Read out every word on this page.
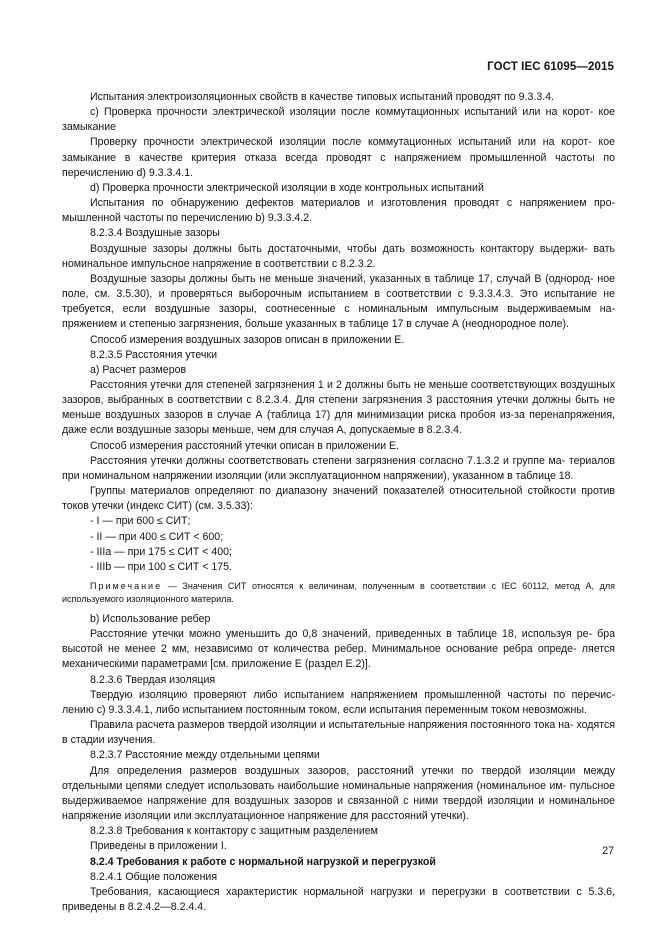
ГОСТ IEC 61095—2015

Испытания электроизоляционных свойств в качестве типовых испытаний проводят по 9.3.3.4.

c) Проверка прочности электрической изоляции после коммутационных испытаний или на корот- кое замыкание

Проверку прочности электрической изоляции после коммутационных испытаний или на корот- кое замыкание в качестве критерия отказа всегда проводят с напряжением промышленной частоты по перечислению d) 9.3.3.4.1.

d) Проверка прочности электрической изоляции в ходе контрольных испытаний

Испытания по обнаружению дефектов материалов и изготовления проводят с напряжением про- мышленной частоты по перечислению b) 9.3.3.4.2.

8.2.3.4 Воздушные зазоры

Воздушные зазоры должны быть достаточными, чтобы дать возможность контактору выдержи- вать номинальное импульсное напряжение в соответствии с 8.2.3.2.

Воздушные зазоры должны быть не меньше значений, указанных в таблице 17, случай В (однород- ное поле, см. 3.5.30), и проверяться выборочным испытанием в соответствии с 9.3.3.4.3. Это испытание не требуется, если воздушные зазоры, соотнесенные с номинальным импульсным выдерживаемым на- пряжением и степенью загрязнения, больше указанных в таблице 17 в случае А (неоднородное поле).

Способ измерения воздушных зазоров описан в приложении Е.

8.2.3.5 Расстояния утечки

a) Расчет размеров

Расстояния утечки для степеней загрязнения 1 и 2 должны быть не меньше соответствующих воздушных зазоров, выбранных в соответствии с 8.2.3.4. Для степени загрязнения 3 расстояния утечки должны быть не меньше воздушных зазоров в случае А (таблица 17) для минимизации риска пробоя из-за перенапряжения, даже если воздушные зазоры меньше, чем для случая А, допускаемые в 8.2.3.4.

Способ измерения расстояний утечки описан в приложении Е.

Расстояния утечки должны соответствовать степени загрязнения согласно 7.1.3.2 и группе ма- териалов при номинальном напряжении изоляции (или эксплуатационном напряжении), указанном в таблице 18.

Группы материалов определяют по диапазону значений показателей относительной стойкости против токов утечки (индекс СИТ) (см. 3.5.33):

- I — при 600 ≤ СИТ;
- II — при 400 ≤ СИТ < 600;
- IIIa — при 175 ≤ СИТ < 400;
- IIIb — при 100 ≤ СИТ < 175.

Примечание — Значения СИТ относятся к величинам, полученным в соответствии с IEC 60112, метод А, для используемого изоляционного материла.

b) Использование ребер

Расстояние утечки можно уменьшить до 0,8 значений, приведенных в таблице 18, используя ре- бра высотой не менее 2 мм, независимо от количества ребер. Минимальное основание ребра опреде- ляется механическими параметрами [см. приложение Е (раздел Е.2)].

8.2.3.6 Твердая изоляция

Твердую изоляцию проверяют либо испытанием напряжением промышленной частоты по перечис- лению c) 9.3.3.4.1, либо испытанием постоянным током, если испытания переменным током невозможны.

Правила расчета размеров твердой изоляции и испытательные напряжения постоянного тока на- ходятся в стадии изучения.

8.2.3.7 Расстояние между отдельными цепями

Для определения размеров воздушных зазоров, расстояний утечки по твердой изоляции между отдельными цепями следует использовать наибольшие номинальные напряжения (номинальное им- пульсное выдерживаемое напряжение для воздушных зазоров и связанной с ними твердой изоляции и номинальное напряжение изоляции или эксплуатационное напряжение для расстояний утечки).

8.2.3.8 Требования к контактору с защитным разделением

Приведены в приложении I.

8.2.4 Требования к работе с нормальной нагрузкой и перегрузкой

8.2.4.1 Общие положения

Требования, касающиеся характеристик нормальной нагрузки и перегрузки в соответствии с 5.3.6, приведены в 8.2.4.2—8.2.4.4.

27
